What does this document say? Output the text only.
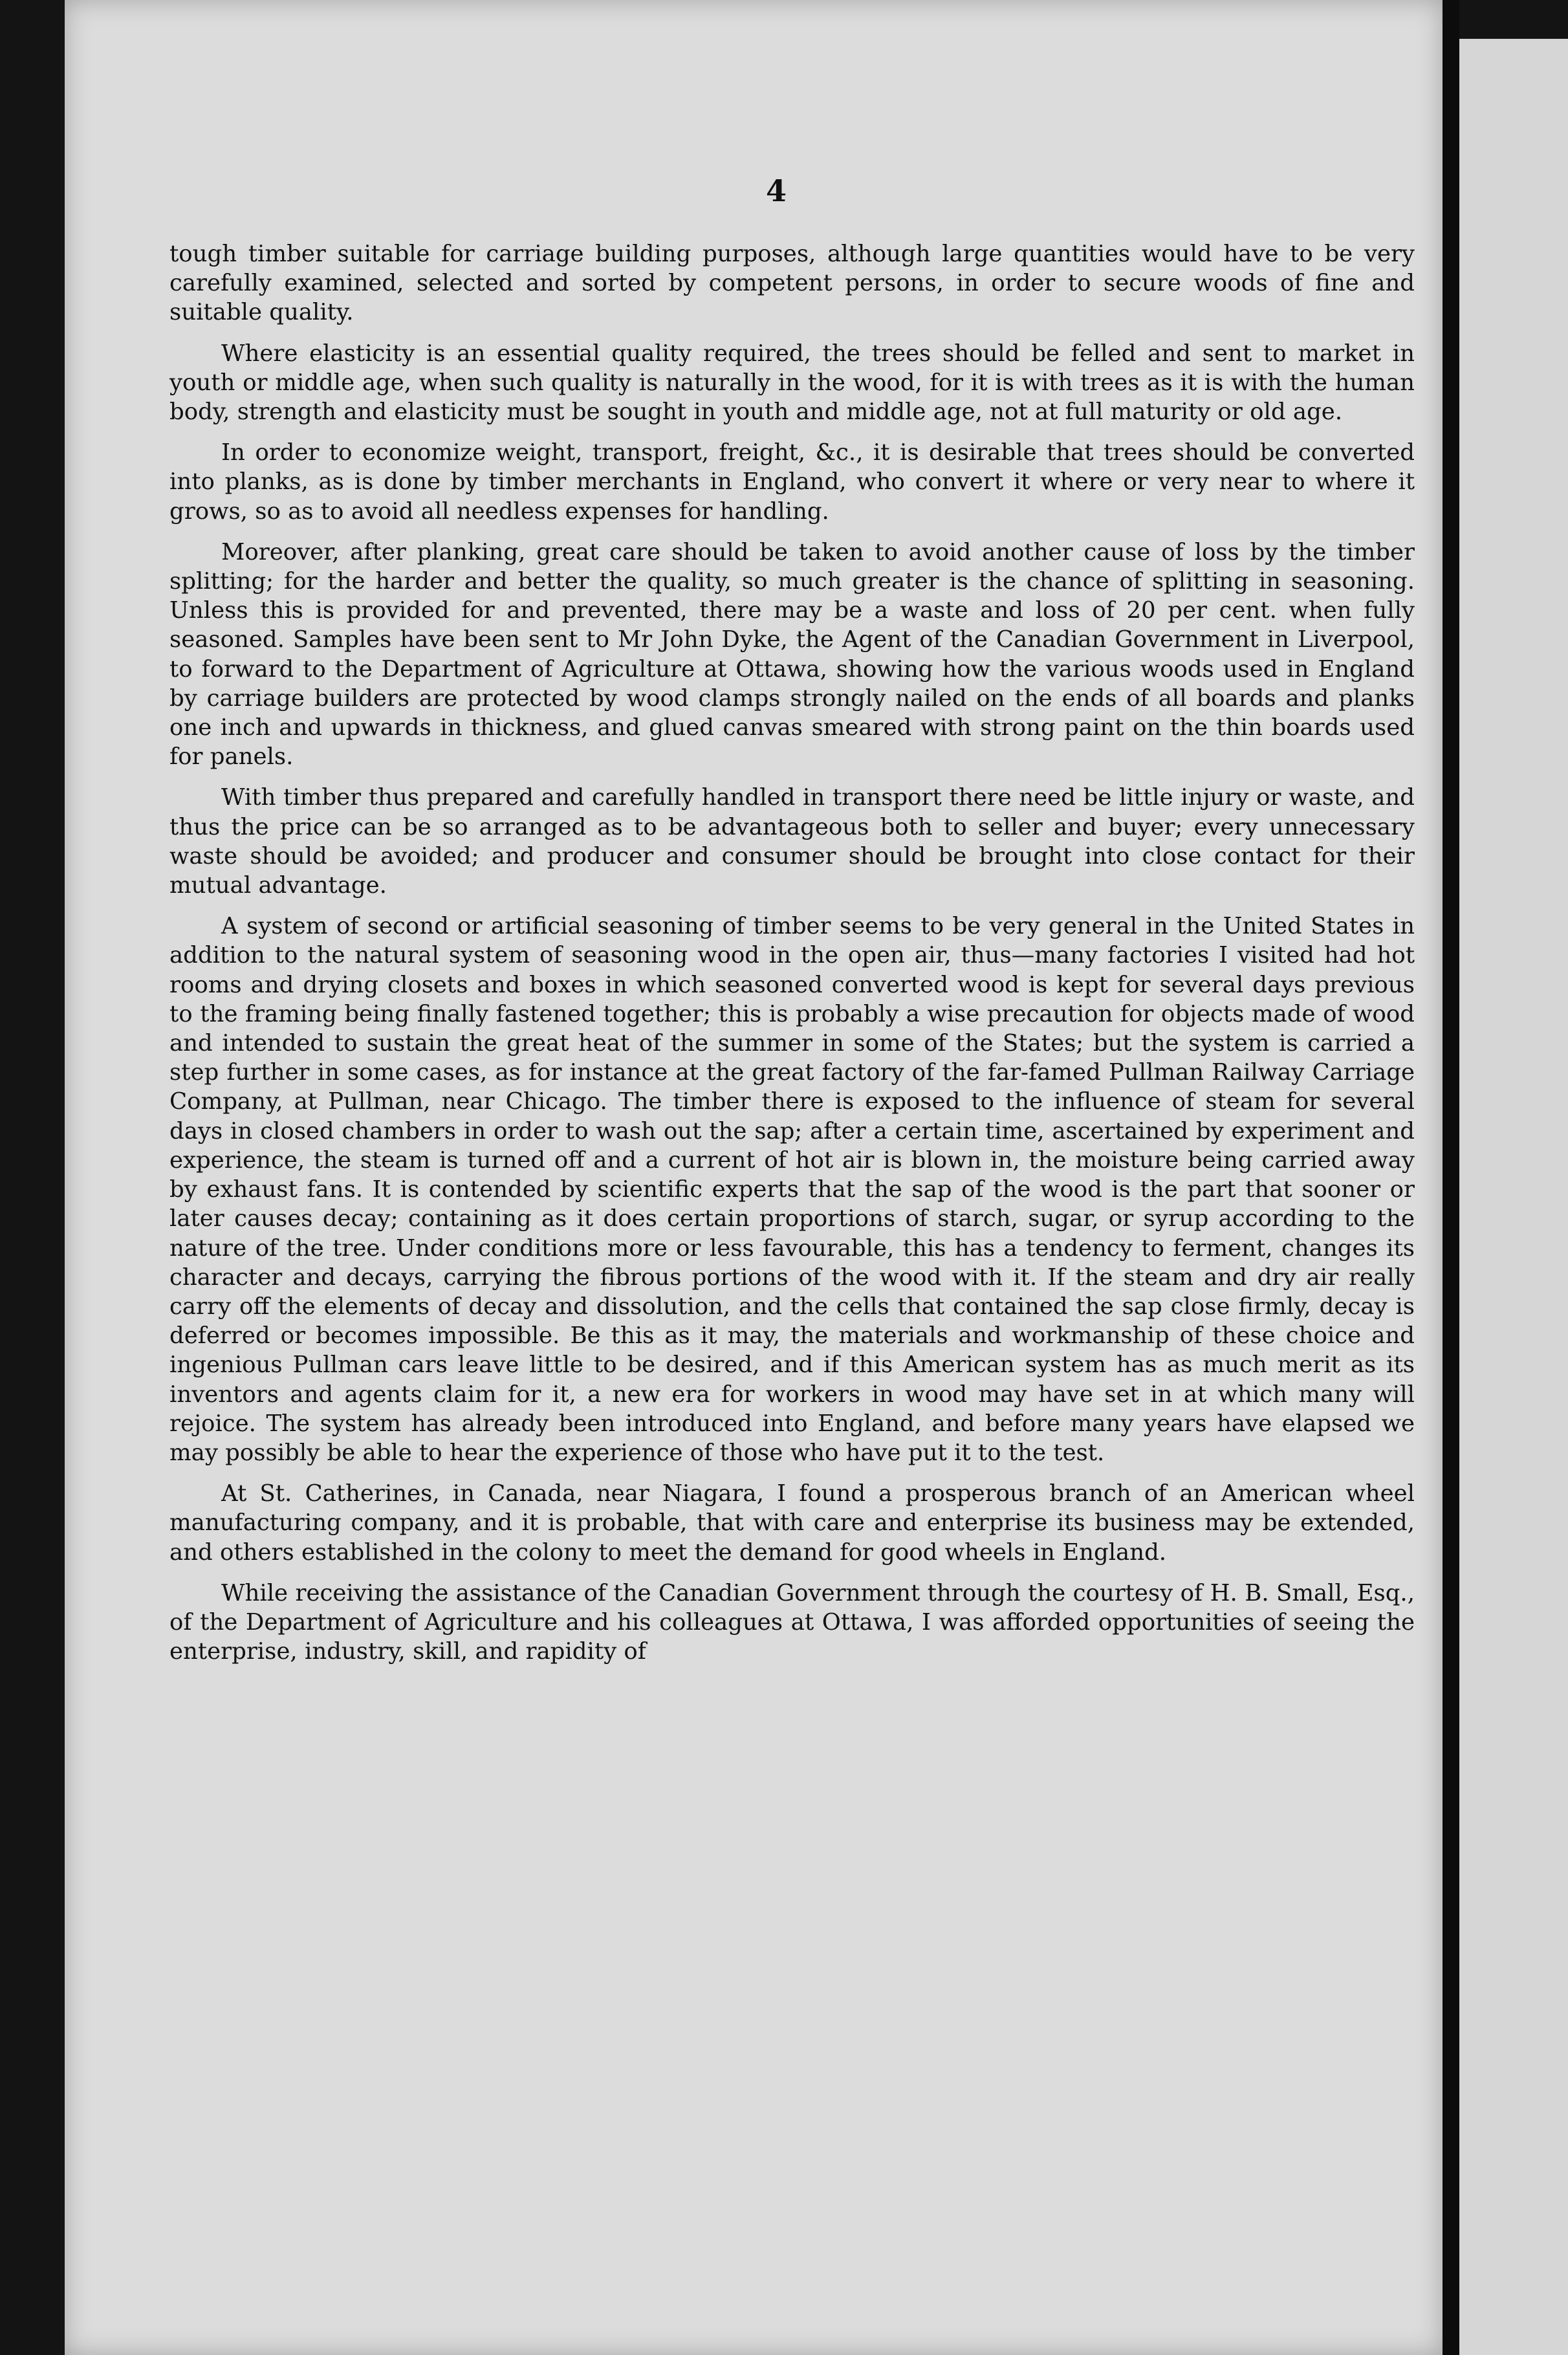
4

tough timber suitable for carriage building purposes, although large quantities would have to be very carefully examined, selected and sorted by competent persons, in order to secure woods of fine and suitable quality.

Where elasticity is an essential quality required, the trees should be felled and sent to market in youth or middle age, when such quality is naturally in the wood, for it is with trees as it is with the human body, strength and elasticity must be sought in youth and middle age, not at full maturity or old age.

In order to economize weight, transport, freight, &c., it is desirable that trees should be converted into planks, as is done by timber merchants in England, who convert it where or very near to where it grows, so as to avoid all needless expenses for handling.

Moreover, after planking, great care should be taken to avoid another cause of loss by the timber splitting; for the harder and better the quality, so much greater is the chance of splitting in seasoning. Unless this is provided for and prevented, there may be a waste and loss of 20 per cent. when fully seasoned. Samples have been sent to Mr John Dyke, the Agent of the Canadian Government in Liverpool, to forward to the Department of Agriculture at Ottawa, showing how the various woods used in England by carriage builders are protected by wood clamps strongly nailed on the ends of all boards and planks one inch and upwards in thickness, and glued canvas smeared with strong paint on the thin boards used for panels.

With timber thus prepared and carefully handled in transport there need be little injury or waste, and thus the price can be so arranged as to be advantageous both to seller and buyer; every unnecessary waste should be avoided; and producer and consumer should be brought into close contact for their mutual advantage.

A system of second or artificial seasoning of timber seems to be very general in the United States in addition to the natural system of seasoning wood in the open air, thus—many factories I visited had hot rooms and drying closets and boxes in which seasoned converted wood is kept for several days previous to the framing being finally fastened together; this is probably a wise precaution for objects made of wood and intended to sustain the great heat of the summer in some of the States; but the system is carried a step further in some cases, as for instance at the great factory of the far-famed Pullman Railway Carriage Company, at Pullman, near Chicago. The timber there is exposed to the influence of steam for several days in closed chambers in order to wash out the sap; after a certain time, ascertained by experiment and experience, the steam is turned off and a current of hot air is blown in, the moisture being carried away by exhaust fans. It is contended by scientific experts that the sap of the wood is the part that sooner or later causes decay; containing as it does certain proportions of starch, sugar, or syrup according to the nature of the tree. Under conditions more or less favourable, this has a tendency to ferment, changes its character and decays, carrying the fibrous portions of the wood with it. If the steam and dry air really carry off the elements of decay and dissolution, and the cells that contained the sap close firmly, decay is deferred or becomes impossible. Be this as it may, the materials and workmanship of these choice and ingenious Pullman cars leave little to be desired, and if this American system has as much merit as its inventors and agents claim for it, a new era for workers in wood may have set in at which many will rejoice. The system has already been introduced into England, and before many years have elapsed we may possibly be able to hear the experience of those who have put it to the test.

At St. Catherines, in Canada, near Niagara, I found a prosperous branch of an American wheel manufacturing company, and it is probable, that with care and enterprise its business may be extended, and others established in the colony to meet the demand for good wheels in England.

While receiving the assistance of the Canadian Government through the courtesy of H. B. Small, Esq., of the Department of Agriculture and his colleagues at Ottawa, I was afforded opportunities of seeing the enterprise, industry, skill, and rapidity of
